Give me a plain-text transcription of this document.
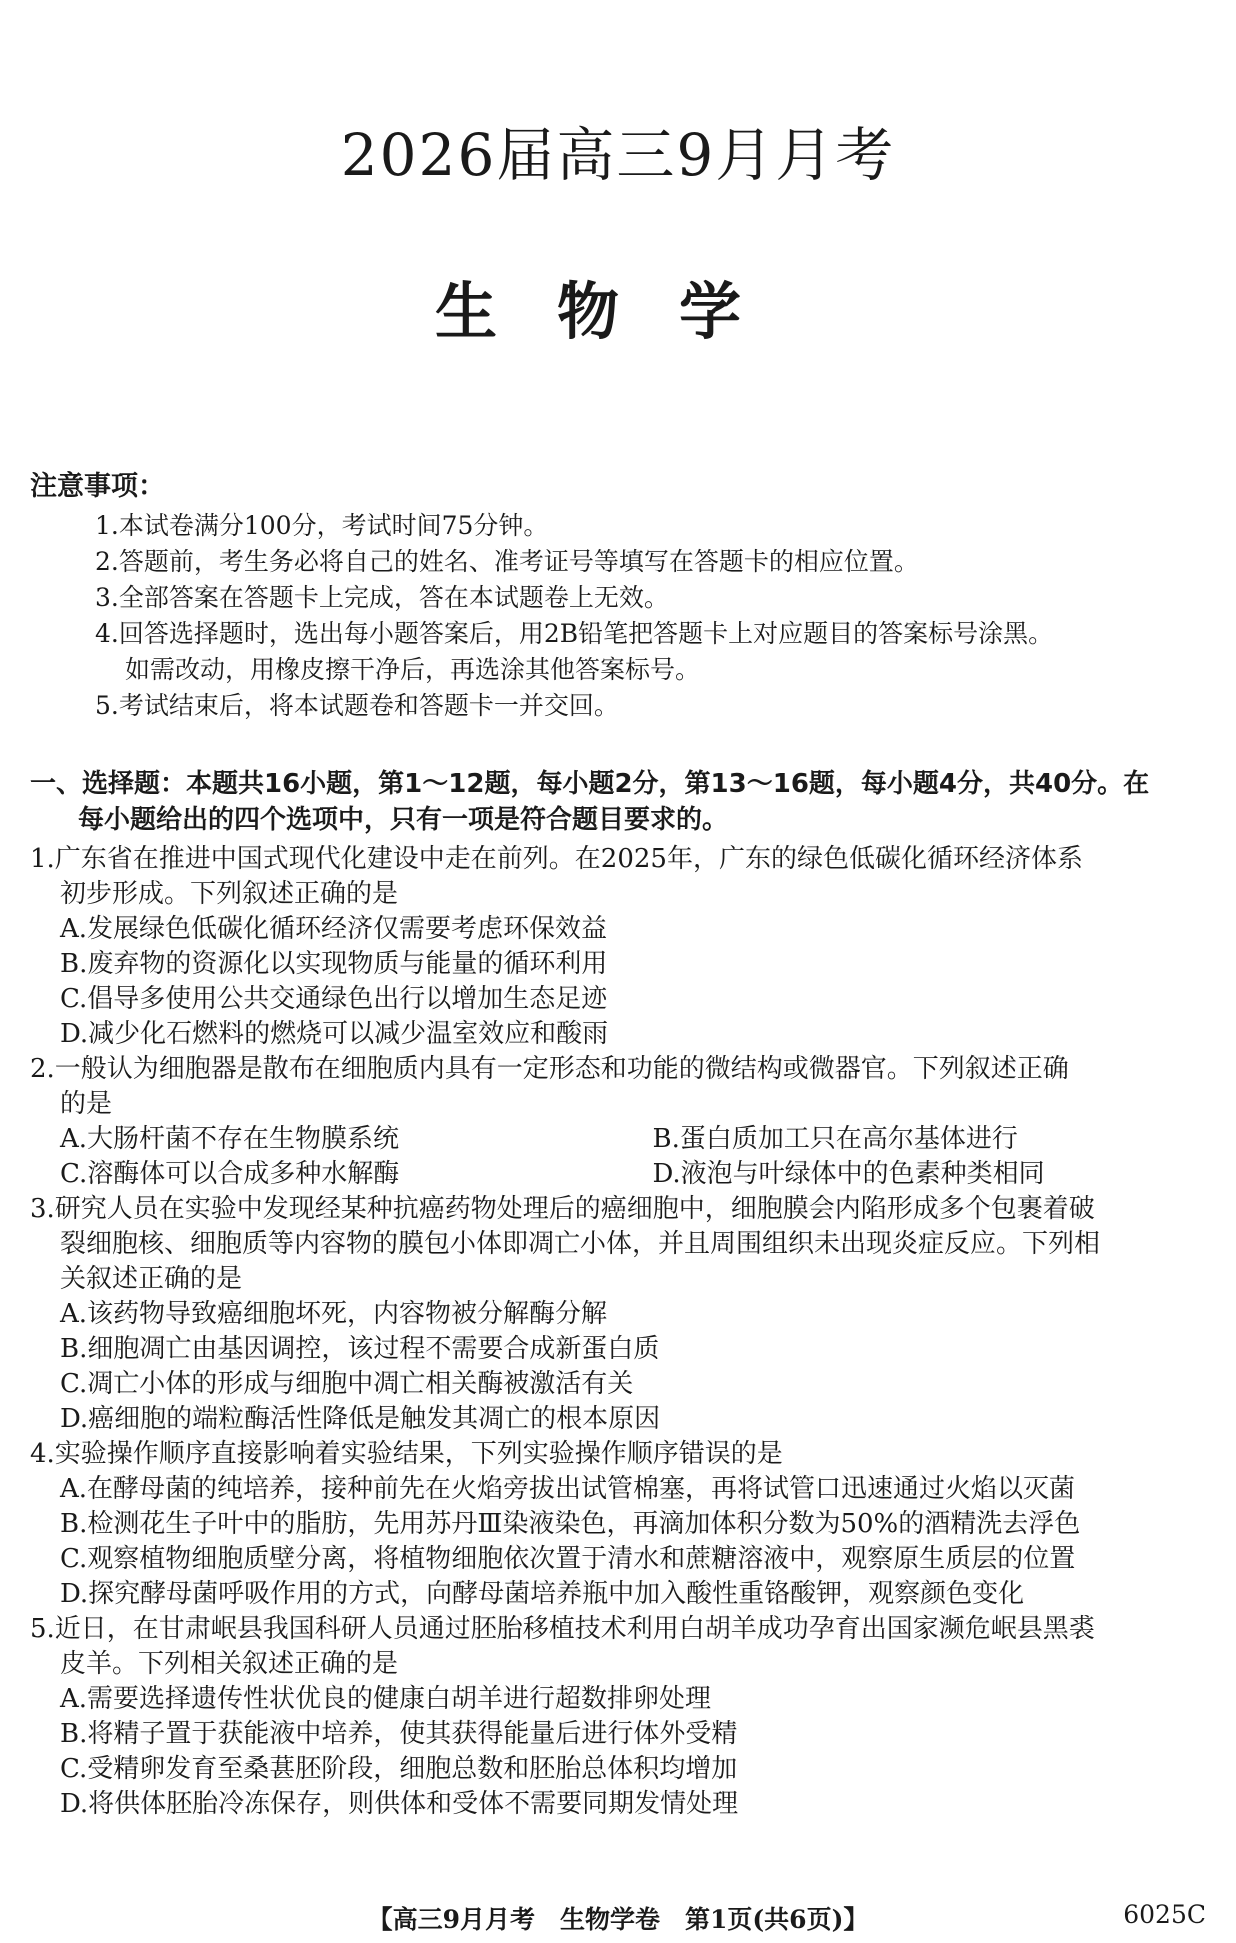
2026届高三9月月考
生物学
注意事项：
1.本试卷满分100分，考试时间75分钟。
2.答题前，考生务必将自己的姓名、准考证号等填写在答题卡的相应位置。
3.全部答案在答题卡上完成，答在本试题卷上无效。
4.回答选择题时，选出每小题答案后，用2B铅笔把答题卡上对应题目的答案标号涂黑。
如需改动，用橡皮擦干净后，再选涂其他答案标号。
5.考试结束后，将本试题卷和答题卡一并交回。
一、选择题：本题共16小题，第1～12题，每小题2分，第13～16题，每小题4分，共40分。在
每小题给出的四个选项中，只有一项是符合题目要求的。
1.广东省在推进中国式现代化建设中走在前列。在2025年，广东的绿色低碳化循环经济体系
初步形成。下列叙述正确的是
A.发展绿色低碳化循环经济仅需要考虑环保效益
B.废弃物的资源化以实现物质与能量的循环利用
C.倡导多使用公共交通绿色出行以增加生态足迹
D.减少化石燃料的燃烧可以减少温室效应和酸雨
2.一般认为细胞器是散布在细胞质内具有一定形态和功能的微结构或微器官。下列叙述正确
的是
A.大肠杆菌不存在生物膜系统	B.蛋白质加工只在高尔基体进行
C.溶酶体可以合成多种水解酶	D.液泡与叶绿体中的色素种类相同
3.研究人员在实验中发现经某种抗癌药物处理后的癌细胞中，细胞膜会内陷形成多个包裹着破
裂细胞核、细胞质等内容物的膜包小体即凋亡小体，并且周围组织未出现炎症反应。下列相
关叙述正确的是
A.该药物导致癌细胞坏死，内容物被分解酶分解
B.细胞凋亡由基因调控，该过程不需要合成新蛋白质
C.凋亡小体的形成与细胞中凋亡相关酶被激活有关
D.癌细胞的端粒酶活性降低是触发其凋亡的根本原因
4.实验操作顺序直接影响着实验结果，下列实验操作顺序错误的是
A.在酵母菌的纯培养，接种前先在火焰旁拔出试管棉塞，再将试管口迅速通过火焰以灭菌
B.检测花生子叶中的脂肪，先用苏丹Ⅲ染液染色，再滴加体积分数为50%的酒精洗去浮色
C.观察植物细胞质壁分离，将植物细胞依次置于清水和蔗糖溶液中，观察原生质层的位置
D.探究酵母菌呼吸作用的方式，向酵母菌培养瓶中加入酸性重铬酸钾，观察颜色变化
5.近日，在甘肃岷县我国科研人员通过胚胎移植技术利用白胡羊成功孕育出国家濒危岷县黑裘
皮羊。下列相关叙述正确的是
A.需要选择遗传性状优良的健康白胡羊进行超数排卵处理
B.将精子置于获能液中培养，使其获得能量后进行体外受精
C.受精卵发育至桑葚胚阶段，细胞总数和胚胎总体积均增加
D.将供体胚胎冷冻保存，则供体和受体不需要同期发情处理
【高三9月月考　生物学卷　第1页(共6页)】	6025C
